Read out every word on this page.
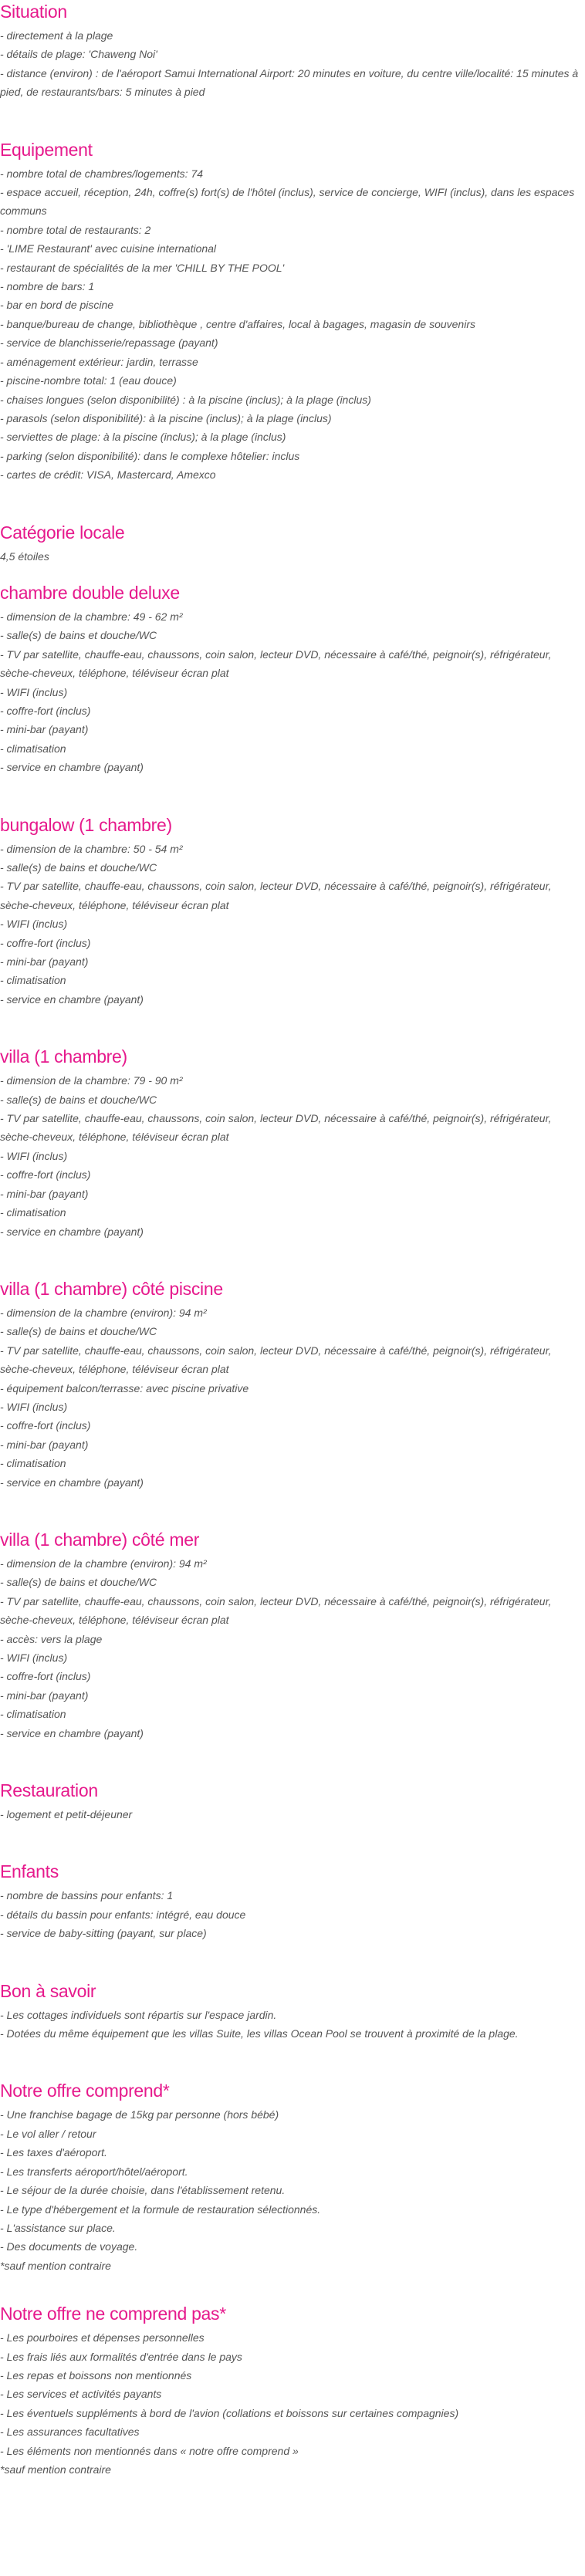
Situation
- directement à la plage
- détails de plage: 'Chaweng Noi'
- distance (environ) : de l'aéroport Samui International Airport: 20 minutes en voiture, du centre ville/localité: 15 minutes à pied, de restaurants/bars: 5 minutes à pied
Equipement
- nombre total de chambres/logements: 74
- espace accueil, réception, 24h, coffre(s) fort(s) de l'hôtel (inclus), service de concierge, WIFI (inclus), dans les espaces communs
- nombre total de restaurants: 2
- 'LIME Restaurant' avec cuisine international
- restaurant de spécialités de la mer 'CHILL BY THE POOL'
- nombre de bars: 1
- bar en bord de piscine
- banque/bureau de change, bibliothèque , centre d'affaires, local à bagages, magasin de souvenirs
- service de blanchisserie/repassage (payant)
- aménagement extérieur: jardin, terrasse
- piscine-nombre total: 1 (eau douce)
- chaises longues (selon disponibilité) : à la piscine (inclus); à la plage (inclus)
- parasols (selon disponibilité): à la piscine (inclus); à la plage (inclus)
- serviettes de plage: à la piscine (inclus); à la plage (inclus)
- parking (selon disponibilité): dans le complexe hôtelier: inclus
- cartes de crédit: VISA, Mastercard, Amexco
Catégorie locale
4,5 étoiles
chambre double deluxe
- dimension de la chambre: 49 - 62 m²
- salle(s) de bains et douche/WC
- TV par satellite, chauffe-eau, chaussons, coin salon, lecteur DVD, nécessaire à café/thé, peignoir(s), réfrigérateur, sèche-cheveux, téléphone, téléviseur écran plat
- WIFI (inclus)
- coffre-fort (inclus)
- mini-bar (payant)
- climatisation
- service en chambre (payant)
bungalow (1 chambre)
- dimension de la chambre: 50 - 54 m²
- salle(s) de bains et douche/WC
- TV par satellite, chauffe-eau, chaussons, coin salon, lecteur DVD, nécessaire à café/thé, peignoir(s), réfrigérateur, sèche-cheveux, téléphone, téléviseur écran plat
- WIFI (inclus)
- coffre-fort (inclus)
- mini-bar (payant)
- climatisation
- service en chambre (payant)
villa (1 chambre)
- dimension de la chambre: 79 - 90 m²
- salle(s) de bains et douche/WC
- TV par satellite, chauffe-eau, chaussons, coin salon, lecteur DVD, nécessaire à café/thé, peignoir(s), réfrigérateur, sèche-cheveux, téléphone, téléviseur écran plat
- WIFI (inclus)
- coffre-fort (inclus)
- mini-bar (payant)
- climatisation
- service en chambre (payant)
villa (1 chambre) côté piscine
- dimension de la chambre (environ): 94 m²
- salle(s) de bains et douche/WC
- TV par satellite, chauffe-eau, chaussons, coin salon, lecteur DVD, nécessaire à café/thé, peignoir(s), réfrigérateur, sèche-cheveux, téléphone, téléviseur écran plat
- équipement balcon/terrasse: avec piscine privative
- WIFI (inclus)
- coffre-fort (inclus)
- mini-bar (payant)
- climatisation
- service en chambre (payant)
villa (1 chambre) côté mer
- dimension de la chambre (environ): 94 m²
- salle(s) de bains et douche/WC
- TV par satellite, chauffe-eau, chaussons, coin salon, lecteur DVD, nécessaire à café/thé, peignoir(s), réfrigérateur, sèche-cheveux, téléphone, téléviseur écran plat
- accès: vers la plage
- WIFI (inclus)
- coffre-fort (inclus)
- mini-bar (payant)
- climatisation
- service en chambre (payant)
Restauration
- logement et petit-déjeuner
Enfants
- nombre de bassins pour enfants: 1
- détails du bassin pour enfants: intégré, eau douce
- service de baby-sitting (payant, sur place)
Bon à savoir
- Les cottages individuels sont répartis sur l'espace jardin.
- Dotées du même équipement que les villas Suite, les villas Ocean Pool se trouvent à proximité de la plage.
Notre offre comprend*
- Une franchise bagage de 15kg par personne (hors bébé)
- Le vol aller / retour
- Les taxes d'aéroport.
- Les transferts aéroport/hôtel/aéroport.
- Le séjour de la durée choisie, dans l'établissement retenu.
- Le type d'hébergement et la formule de restauration sélectionnés.
- L'assistance sur place.
- Des documents de voyage.
*sauf mention contraire
Notre offre ne comprend pas*
- Les pourboires et dépenses personnelles
- Les frais liés aux formalités d'entrée dans le pays
- Les repas et boissons non mentionnés
- Les services et activités payants
- Les éventuels suppléments à bord de l'avion (collations et boissons sur certaines compagnies)
- Les assurances facultatives
- Les éléments non mentionnés dans « notre offre comprend »
*sauf mention contraire
